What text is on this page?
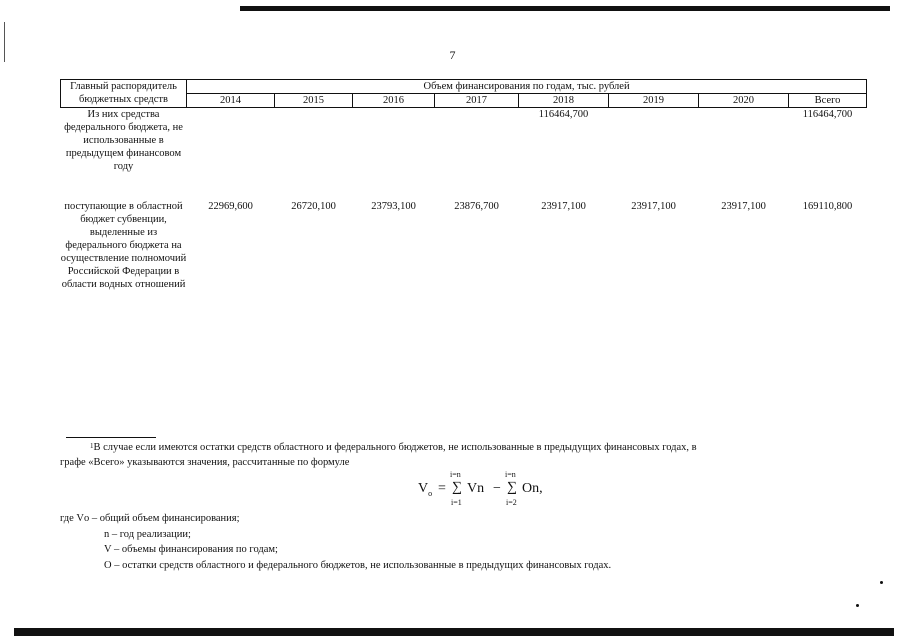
7
Главный распорядитель бюджетных средств	Объем финансирования по годам, тыс. рублей							
	2014	2015	2016	2017	2018	2019	2020	Всего
Из них средства федерального бюджета, не использованные в предыдущем финансовом году					116464,700			116464,700
поступающие в областной бюджет субвенции, выделенные из федерального бюджета на осуществление полномочий Российской Федерации в области водных отношений	22969,600	26720,100	23793,100	23876,700	23917,100	23917,100	23917,100	169110,800
$^1$В случае если имеются остатки средств областного и федерального бюджетов, не использованные в предыдущих финансовых годах, в
графе «Всего» указываются значения, рассчитанные по формуле
$V_о$ =
i=n
∑
i=1
Vn −
i=n
∑
i=2
Оn,
где Vо – общий объем финансирования;
n – год реализации;
V – объемы финансирования по годам;
О – остатки средств областного и федерального бюджетов, не использованные в предыдущих финансовых годах.
